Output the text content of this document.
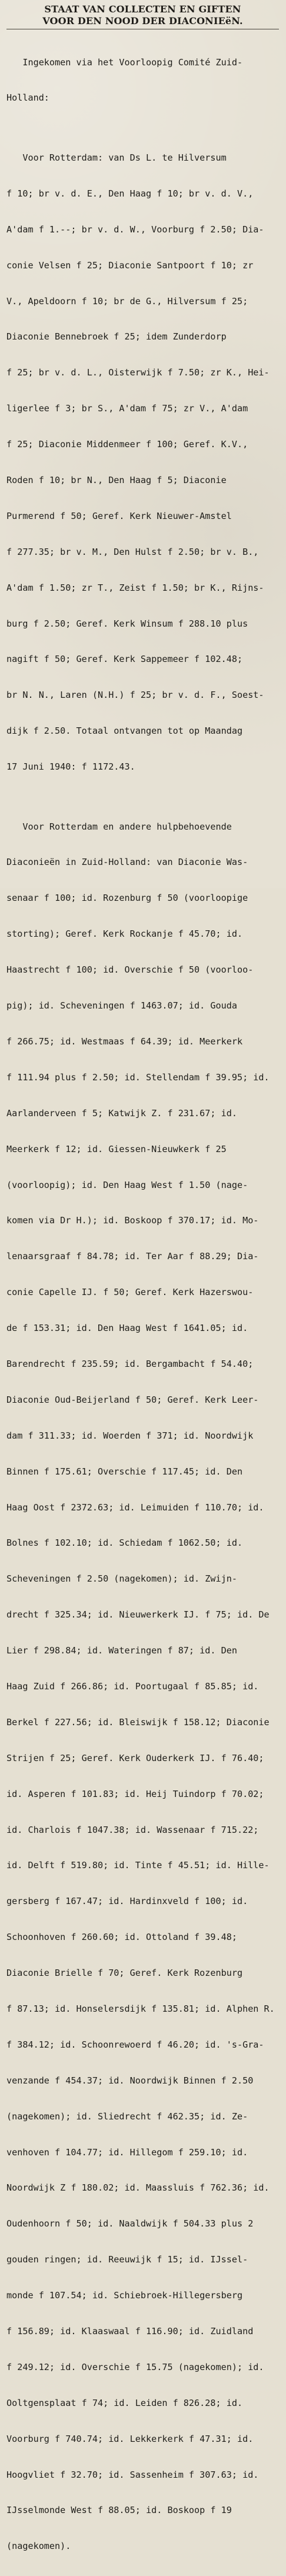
STAAT VAN COLLECTEN EN GIFTEN
VOOR DEN NOOD DER DIACONIEëN.

Ingekomen via het Voorloopig Comité Zuid-

Holland:

Voor Rotterdam: van Ds L. te Hilversum

f 10; br v. d. E., Den Haag f 10; br v. d. V.,

A'dam f 1.--; br v. d. W., Voorburg f 2.50; Dia-

conie Velsen f 25; Diaconie Santpoort f 10; zr

V., Apeldoorn f 10; br de G., Hilversum f 25;

Diaconie Bennebroek f 25; idem Zunderdorp

f 25; br v. d. L., Oisterwijk f 7.50; zr K., Hei-

ligerlee f 3; br S., A'dam f 75; zr V., A'dam

f 25; Diaconie Middenmeer f 100; Geref. K.V.,

Roden f 10; br N., Den Haag f 5; Diaconie

Purmerend f 50; Geref. Kerk Nieuwer-Amstel

f 277.35; br v. M., Den Hulst f 2.50; br v. B.,

A'dam f 1.50; zr T., Zeist f 1.50; br K., Rijns-

burg f 2.50; Geref. Kerk Winsum f 288.10 plus

nagift f 50; Geref. Kerk Sappemeer f 102.48;

br N. N., Laren (N.H.) f 25; br v. d. F., Soest-

dijk f 2.50. Totaal ontvangen tot op Maandag

17 Juni 1940: f 1172.43.

Voor Rotterdam en andere hulpbehoevende

Diaconieën in Zuid-Holland: van Diaconie Was-

senaar f 100; id. Rozenburg f 50 (voorloopige

storting); Geref. Kerk Rockanje f 45.70; id.

Haastrecht f 100; id. Overschie f 50 (voorloo-

pig); id. Scheveningen f 1463.07; id. Gouda

f 266.75; id. Westmaas f 64.39; id. Meerkerk

f 111.94 plus f 2.50; id. Stellendam f 39.95; id.

Aarlanderveen f 5; Katwijk Z. f 231.67; id.

Meerkerk f 12; id. Giessen-Nieuwkerk f 25

(voorloopig); id. Den Haag West f 1.50 (nage-

komen via Dr H.); id. Boskoop f 370.17; id. Mo-

lenaarsgraaf f 84.78; id. Ter Aar f 88.29; Dia-

conie Capelle IJ. f 50; Geref. Kerk Hazerswou-

de f 153.31; id. Den Haag West f 1641.05; id.

Barendrecht f 235.59; id. Bergambacht f 54.40;

Diaconie Oud-Beijerland f 50; Geref. Kerk Leer-

dam f 311.33; id. Woerden f 371; id. Noordwijk

Binnen f 175.61; Overschie f 117.45; id. Den

Haag Oost f 2372.63; id. Leimuiden f 110.70; id.

Bolnes f 102.10; id. Schiedam f 1062.50; id.

Scheveningen f 2.50 (nagekomen); id. Zwijn-

drecht f 325.34; id. Nieuwerkerk IJ. f 75; id. De

Lier f 298.84; id. Wateringen f 87; id. Den

Haag Zuid f 266.86; id. Poortugaal f 85.85; id.

Berkel f 227.56; id. Bleiswijk f 158.12; Diaconie

Strijen f 25; Geref. Kerk Ouderkerk IJ. f 76.40;

id. Asperen f 101.83; id. Heij Tuindorp f 70.02;

id. Charlois f 1047.38; id. Wassenaar f 715.22;

id. Delft f 519.80; id. Tinte f 45.51; id. Hille-

gersberg f 167.47; id. Hardinxveld f 100; id.

Schoonhoven f 260.60; id. Ottoland f 39.48;

Diaconie Brielle f 70; Geref. Kerk Rozenburg

f 87.13; id. Honselersdijk f 135.81; id. Alphen R.

f 384.12; id. Schoonrewoerd f 46.20; id. 's-Gra-

venzande f 454.37; id. Noordwijk Binnen f 2.50

(nagekomen); id. Sliedrecht f 462.35; id. Ze-

venhoven f 104.77; id. Hillegom f 259.10; id.

Noordwijk Z f 180.02; id. Maassluis f 762.36; id.

Oudenhoorn f 50; id. Naaldwijk f 504.33 plus 2

gouden ringen; id. Reeuwijk f 15; id. IJssel-

monde f 107.54; id. Schiebroek-Hillegersberg

f 156.89; id. Klaaswaal f 116.90; id. Zuidland

f 249.12; id. Overschie f 15.75 (nagekomen); id.

Ooltgensplaat f 74; id. Leiden f 826.28; id.

Voorburg f 740.74; id. Lekkerkerk f 47.31; id.

Hoogvliet f 32.70; id. Sassenheim f 307.63; id.

IJsselmonde West f 88.05; id. Boskoop f 19

(nagekomen).
